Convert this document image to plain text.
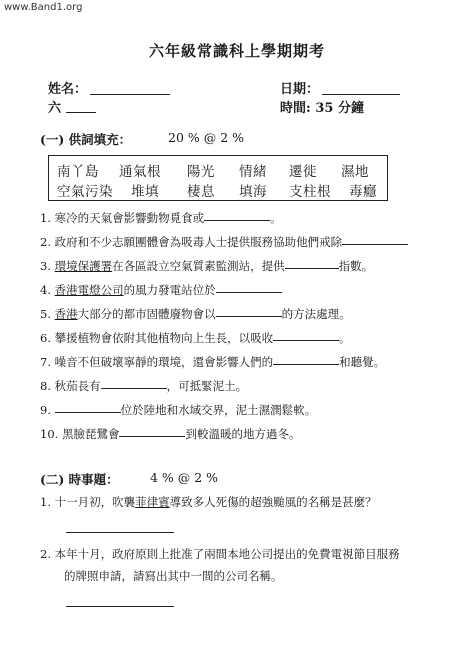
www.Band1.org
六年級常識科上學期期考
姓名：	日期：
六	時間: 35 分鐘
(一) 供詞填充：	20 % @ 2 %
南丫島 通氣根 陽光 情緒 遷徙 濕地
空氣污染 堆填 棲息 填海 支柱根 毒癮
1. 寒冷的天氣會影響動物覓食或	。
2. 政府和不少志願團體會為吸毒人士提供服務協助他們戒除
3. 環境保護署在各區設立空氣質素監測站，提供	指數。
4. 香港電燈公司的風力發電站位於
5. 香港大部分的都市固體廢物會以	的方法處理。
6. 攀援植物會依附其他植物向上生長，以吸收	。
7. 噪音不但破壞寧靜的環境，還會影響人們的	和聽覺。
8. 秋茄長有	，可抵緊泥土。
9.	位於陸地和水域交界，泥土濕潤鬆軟。
10. 黑臉琵鷺會	到較溫暖的地方過冬。
(二) 時事題：	4 % @ 2 %
1. 十一月初，吹襲菲律賓導致多人死傷的超強颱風的名稱是甚麼？
2. 本年十月，政府原則上批准了兩間本地公司提出的免費電視節目服務
的牌照申請，請寫出其中一間的公司名稱。
